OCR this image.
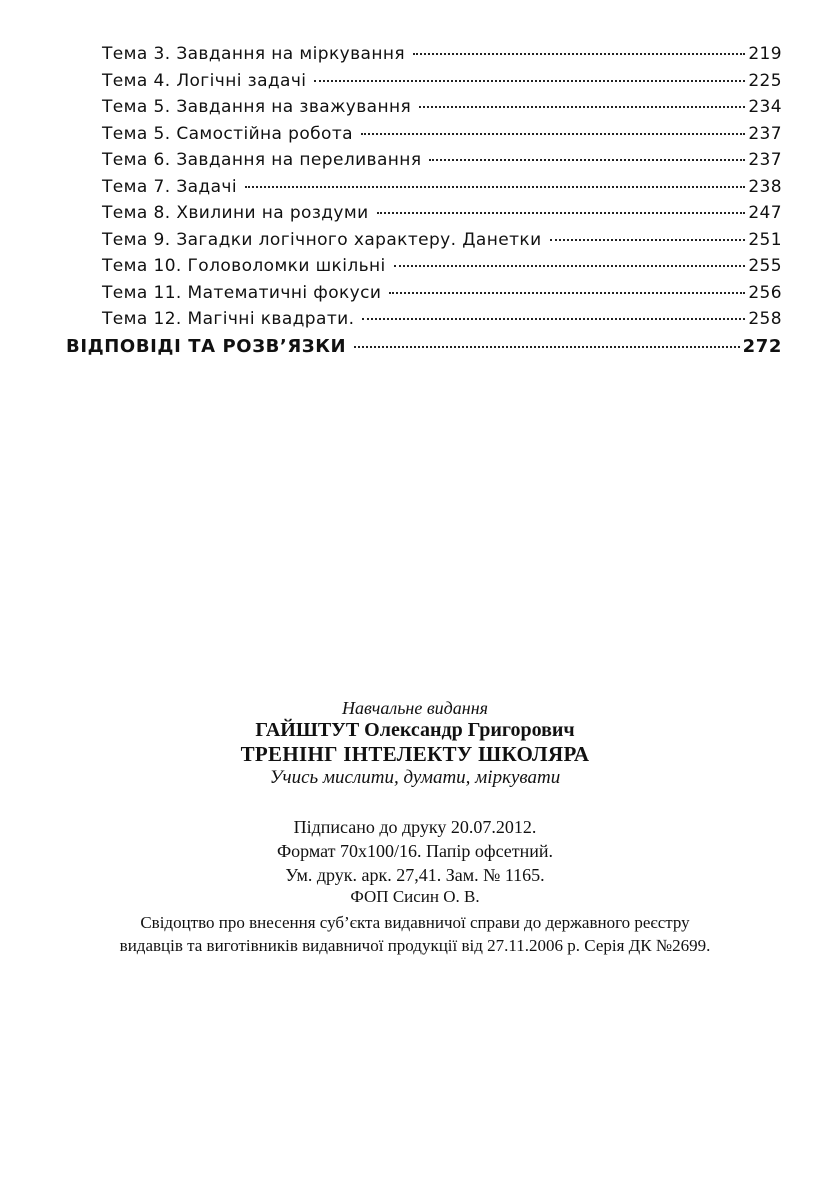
Тема 3. Завдання на міркування	219
Тема 4. Логічні задачі	225
Тема 5. Завдання на зважування	234
Тема 5. Самостійна робота	237
Тема 6. Завдання на переливання	237
Тема 7. Задачі	238
Тема 8. Хвилини на роздуми	247
Тема 9. Загадки логічного характеру. Данетки	251
Тема 10. Головоломки шкільні	255
Тема 11. Математичні фокуси	256
Тема 12. Магічні квадрати.	258
ВІДПОВІДІ ТА РОЗВ’ЯЗКИ	272

Навчальне видання

ГАЙШТУТ Олександр Григорович

ТРЕНІНГ ІНТЕЛЕКТУ ШКОЛЯРА

Учись мислити, думати, міркувати

Підписано до друку 20.07.2012.

Формат 70x100/16. Папір офсетний.

Ум. друк. арк. 27,41. Зам. № 1165.

ФОП Сисин О. В.

Свідоцтво про внесення суб’єкта видавничої справи до державного реєстру

видавців та виготівників видавничої продукції від 27.11.2006 р. Серія ДК №2699.
